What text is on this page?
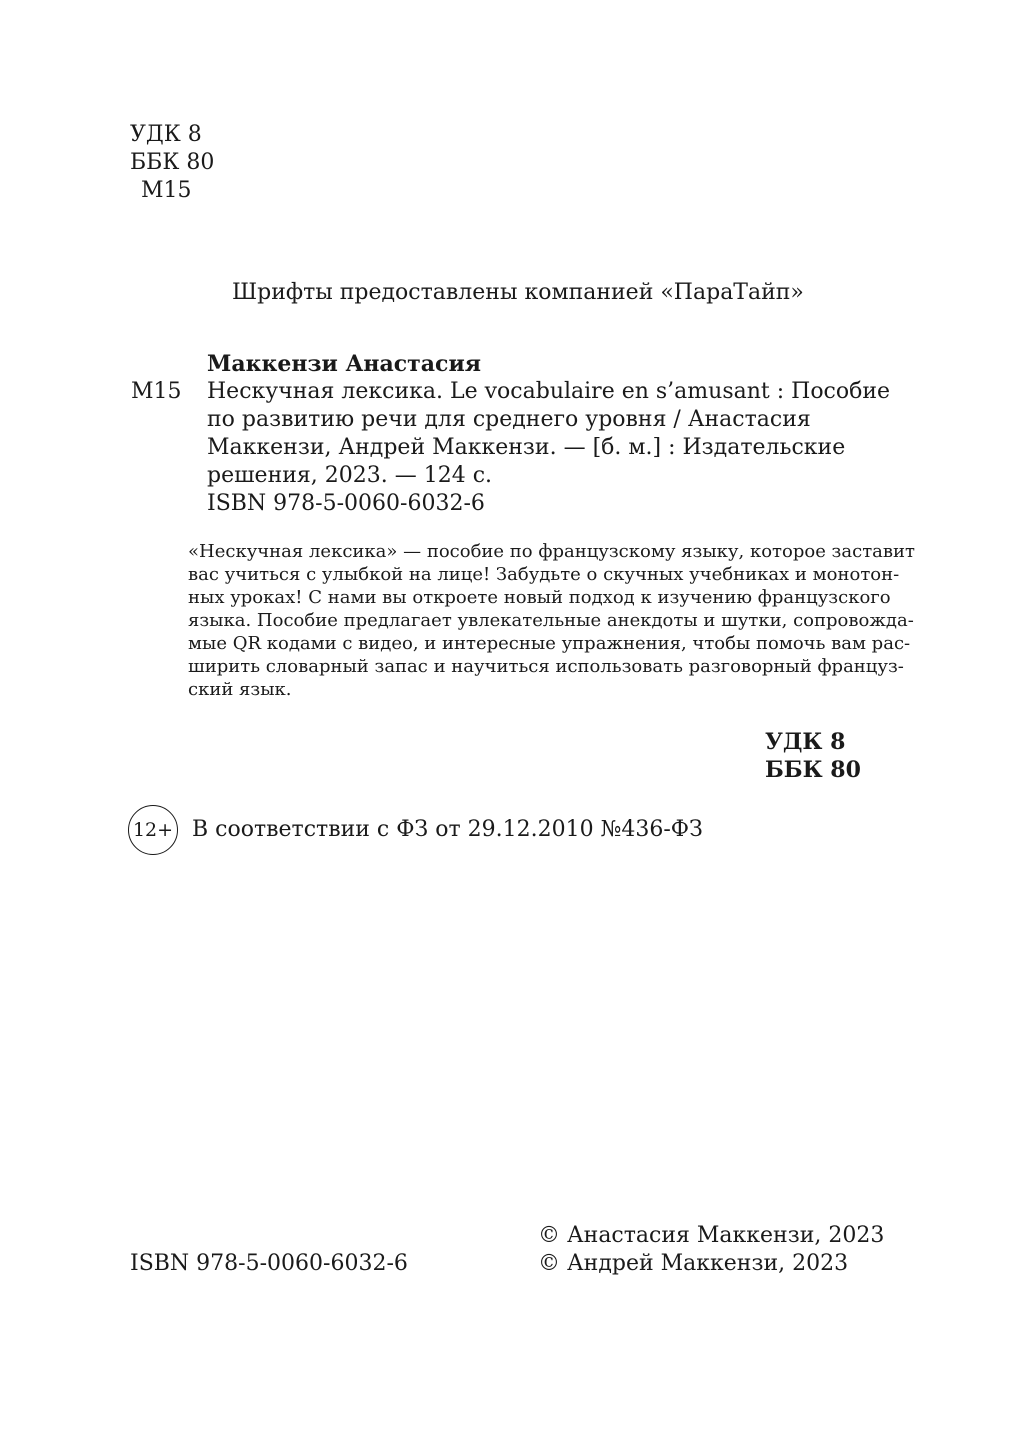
УДК 8
ББК 80
М15
Шрифты предоставлены компанией «ПараТайп»
Маккензи Анастасия
М15 Нескучная лексика. Le vocabulaire en s’amusant : Пособие
по развитию речи для среднего уровня / Анастасия
Маккензи, Андрей Маккензи. — [б. м.] : Издательские
решения, 2023. — 124 с.
ISBN 978-5-0060-6032-6
«Нескучная лексика» — пособие по французскому языку, которое заставит
вас учиться с улыбкой на лице! Забудьте о скучных учебниках и монотон-
ных уроках! С нами вы откроете новый подход к изучению французского
языка. Пособие предлагает увлекательные анекдоты и шутки, сопровожда-
мые QR кодами с видео, и интересные упражнения, чтобы помочь вам рас-
ширить словарный запас и научиться использовать разговорный француз-
ский язык.
УДК 8
ББК 80
12+ В соответствии с ФЗ от 29.12.2010 №436-ФЗ
ISBN 978-5-0060-6032-6
© Анастасия Маккензи, 2023
© Андрей Маккензи, 2023
